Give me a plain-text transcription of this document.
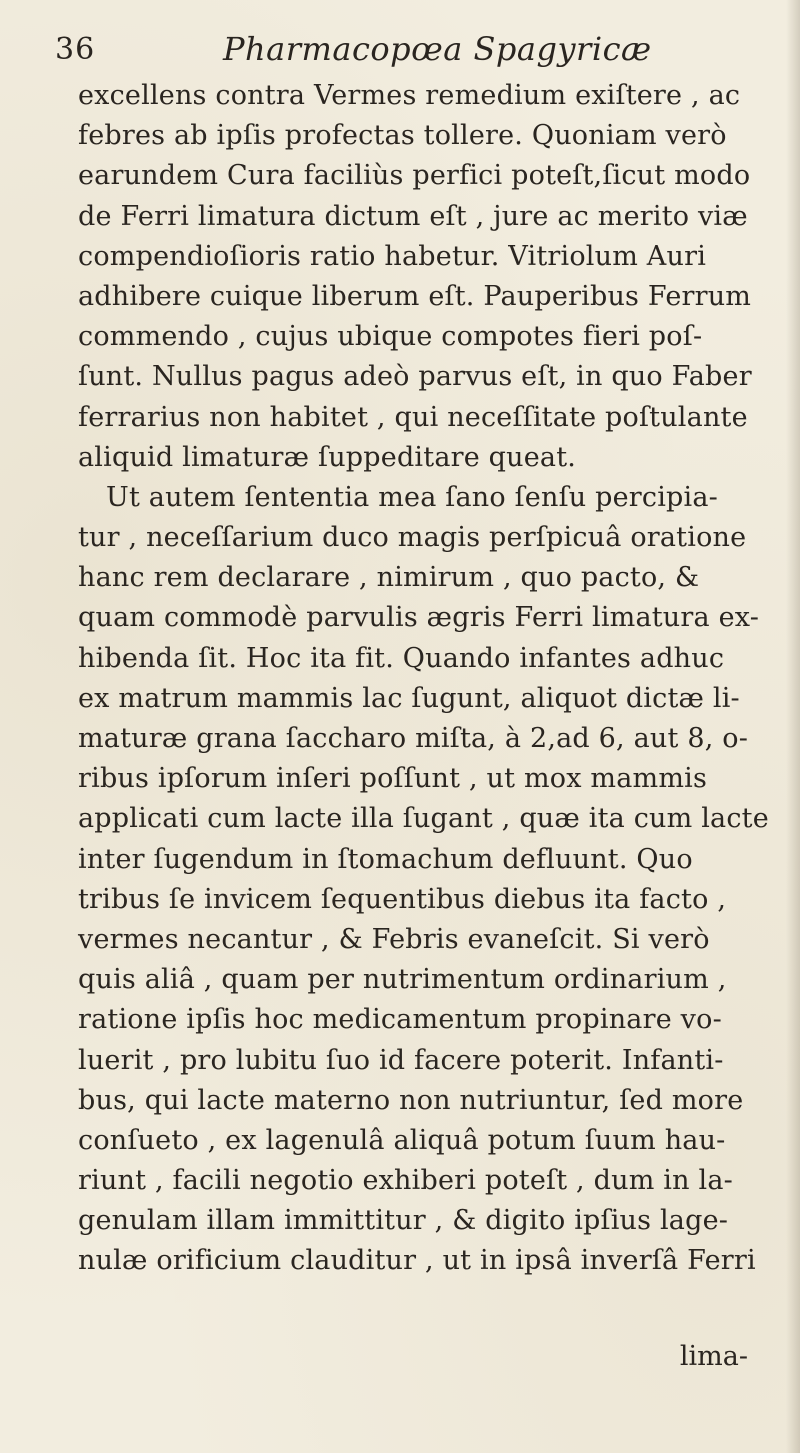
36	Pharmacopœa Spagyricæ
excellens contra Vermes remedium exiſtere , ac
febres ab ipſis profectas tollere. Quoniam verò
earundem Cura faciliùs perfici poteſt,ſicut modo
de Ferri limatura dictum eſt , jure ac merito viæ
compendioſioris ratio habetur. Vitriolum Auri
adhibere cuique liberum eſt. Pauperibus Ferrum
commendo , cujus ubique compotes fieri poſ-
ſunt. Nullus pagus adeò parvus eſt, in quo Faber
ferrarius non habitet , qui neceſſitate poſtulante
aliquid limaturæ ſuppeditare queat.
Ut autem ſententia mea ſano ſenſu percipia-
tur , neceſſarium duco magis perſpicuâ oratione
hanc rem declarare , nimirum , quo pacto, &
quam commodè parvulis ægris Ferri limatura ex-
hibenda ſit. Hoc ita fit. Quando infantes adhuc
ex matrum mammis lac ſugunt, aliquot dictæ li-
maturæ grana ſaccharo miſta, à 2,ad 6, aut 8, o-
ribus ipſorum inſeri poſſunt , ut mox mammis
applicati cum lacte illa ſugant , quæ ita cum lacte
inter ſugendum in ſtomachum defluunt. Quo
tribus ſe invicem ſequentibus diebus ita facto ,
vermes necantur , & Febris evaneſcit. Si verò
quis aliâ , quam per nutrimentum ordinarium ,
ratione ipſis hoc medicamentum propinare vo-
luerit , pro lubitu ſuo id facere poterit. Infanti-
bus, qui lacte materno non nutriuntur, ſed more
conſueto , ex lagenulâ aliquâ potum ſuum hau-
riunt , facili negotio exhiberi poteſt , dum in la-
genulam illam immittitur , & digito ipſius lage-
nulæ orificium clauditur , ut in ipsâ inverſâ Ferri
lima-
